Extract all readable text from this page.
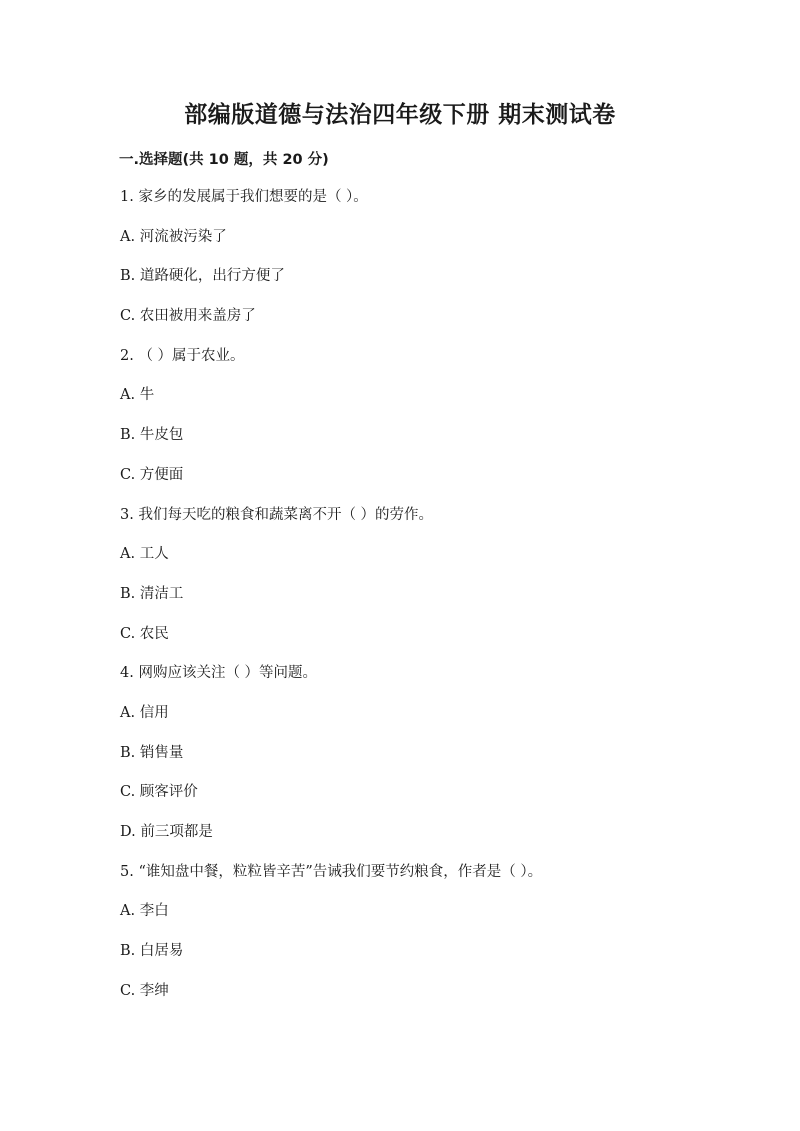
部编版道德与法治四年级下册 期末测试卷
一.选择题(共 10 题，共 20 分)
1. 家乡的发展属于我们想要的是（ ）。
A. 河流被污染了
B. 道路硬化，出行方便了
C. 农田被用来盖房了
2. （ ）属于农业。
A. 牛
B. 牛皮包
C. 方便面
3. 我们每天吃的粮食和蔬菜离不开（ ）的劳作。
A. 工人
B. 清洁工
C. 农民
4. 网购应该关注（ ）等问题。
A. 信用
B. 销售量
C. 顾客评价
D. 前三项都是
5. “谁知盘中餐，粒粒皆辛苦”告诫我们要节约粮食，作者是（ ）。
A. 李白
B. 白居易
C. 李绅
